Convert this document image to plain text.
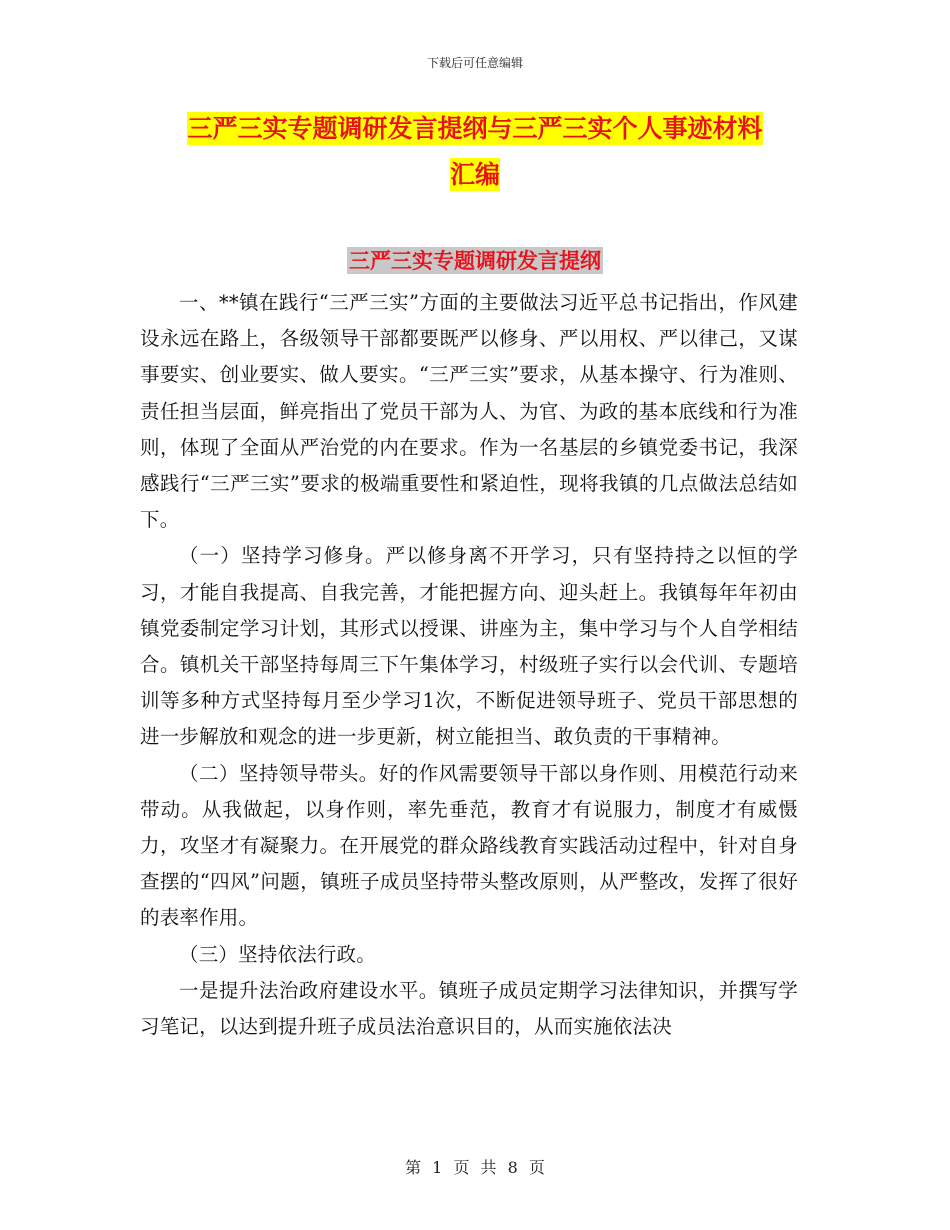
下载后可任意编辑
三严三实专题调研发言提纲与三严三实个人事迹材料
汇编
三严三实专题调研发言提纲

一、**镇在践行“三严三实”方面的主要做法习近平总书记指出，作风建设永远在路上，各级领导干部都要既严以修身、严以用权、严以律己，又谋事要实、创业要实、做人要实。“三严三实”要求，从基本操守、行为准则、责任担当层面，鲜亮指出了党员干部为人、为官、为政的基本底线和行为准则，体现了全面从严治党的内在要求。作为一名基层的乡镇党委书记，我深感践行“三严三实”要求的极端重要性和紧迫性，现将我镇的几点做法总结如下。

（一）坚持学习修身。严以修身离不开学习，只有坚持持之以恒的学习，才能自我提高、自我完善，才能把握方向、迎头赶上。我镇每年年初由镇党委制定学习计划，其形式以授课、讲座为主，集中学习与个人自学相结合。镇机关干部坚持每周三下午集体学习，村级班子实行以会代训、专题培训等多种方式坚持每月至少学习1次，不断促进领导班子、党员干部思想的进一步解放和观念的进一步更新，树立能担当、敢负责的干事精神。

（二）坚持领导带头。好的作风需要领导干部以身作则、用模范行动来带动。从我做起，以身作则，率先垂范，教育才有说服力，制度才有威慑力，攻坚才有凝聚力。在开展党的群众路线教育实践活动过程中，针对自身查摆的“四风”问题，镇班子成员坚持带头整改原则，从严整改，发挥了很好的表率作用。

（三）坚持依法行政。

一是提升法治政府建设水平。镇班子成员定期学习法律知识，并撰写学习笔记，以达到提升班子成员法治意识目的，从而实施依法决

第 1 页 共 8 页
